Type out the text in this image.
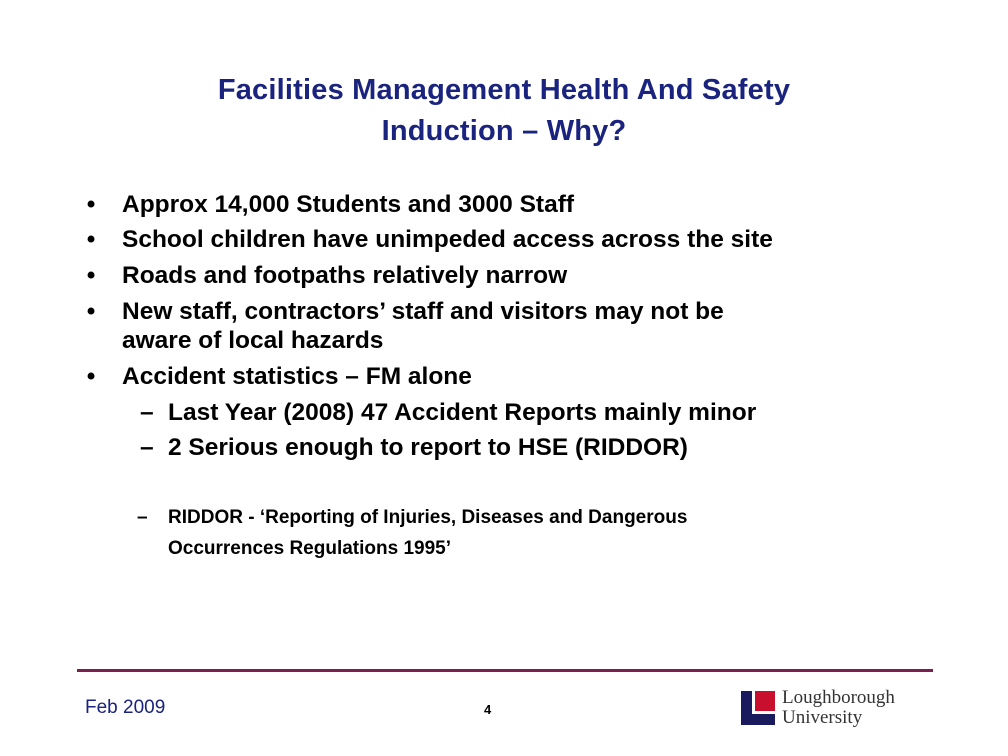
Facilities Management Health And Safety
Induction – Why?
• Approx 14,000 Students and 3000 Staff
• School children have unimpeded access across the site
• Roads and footpaths relatively narrow
• New staff, contractors’ staff and visitors may not be
aware of local hazards
• Accident statistics – FM alone
– Last Year (2008) 47 Accident Reports mainly minor
– 2 Serious enough to report to HSE (RIDDOR)
– RIDDOR - ‘Reporting of Injuries, Diseases and Dangerous
Occurrences Regulations 1995’
Feb 2009	4
Loughborough
University
